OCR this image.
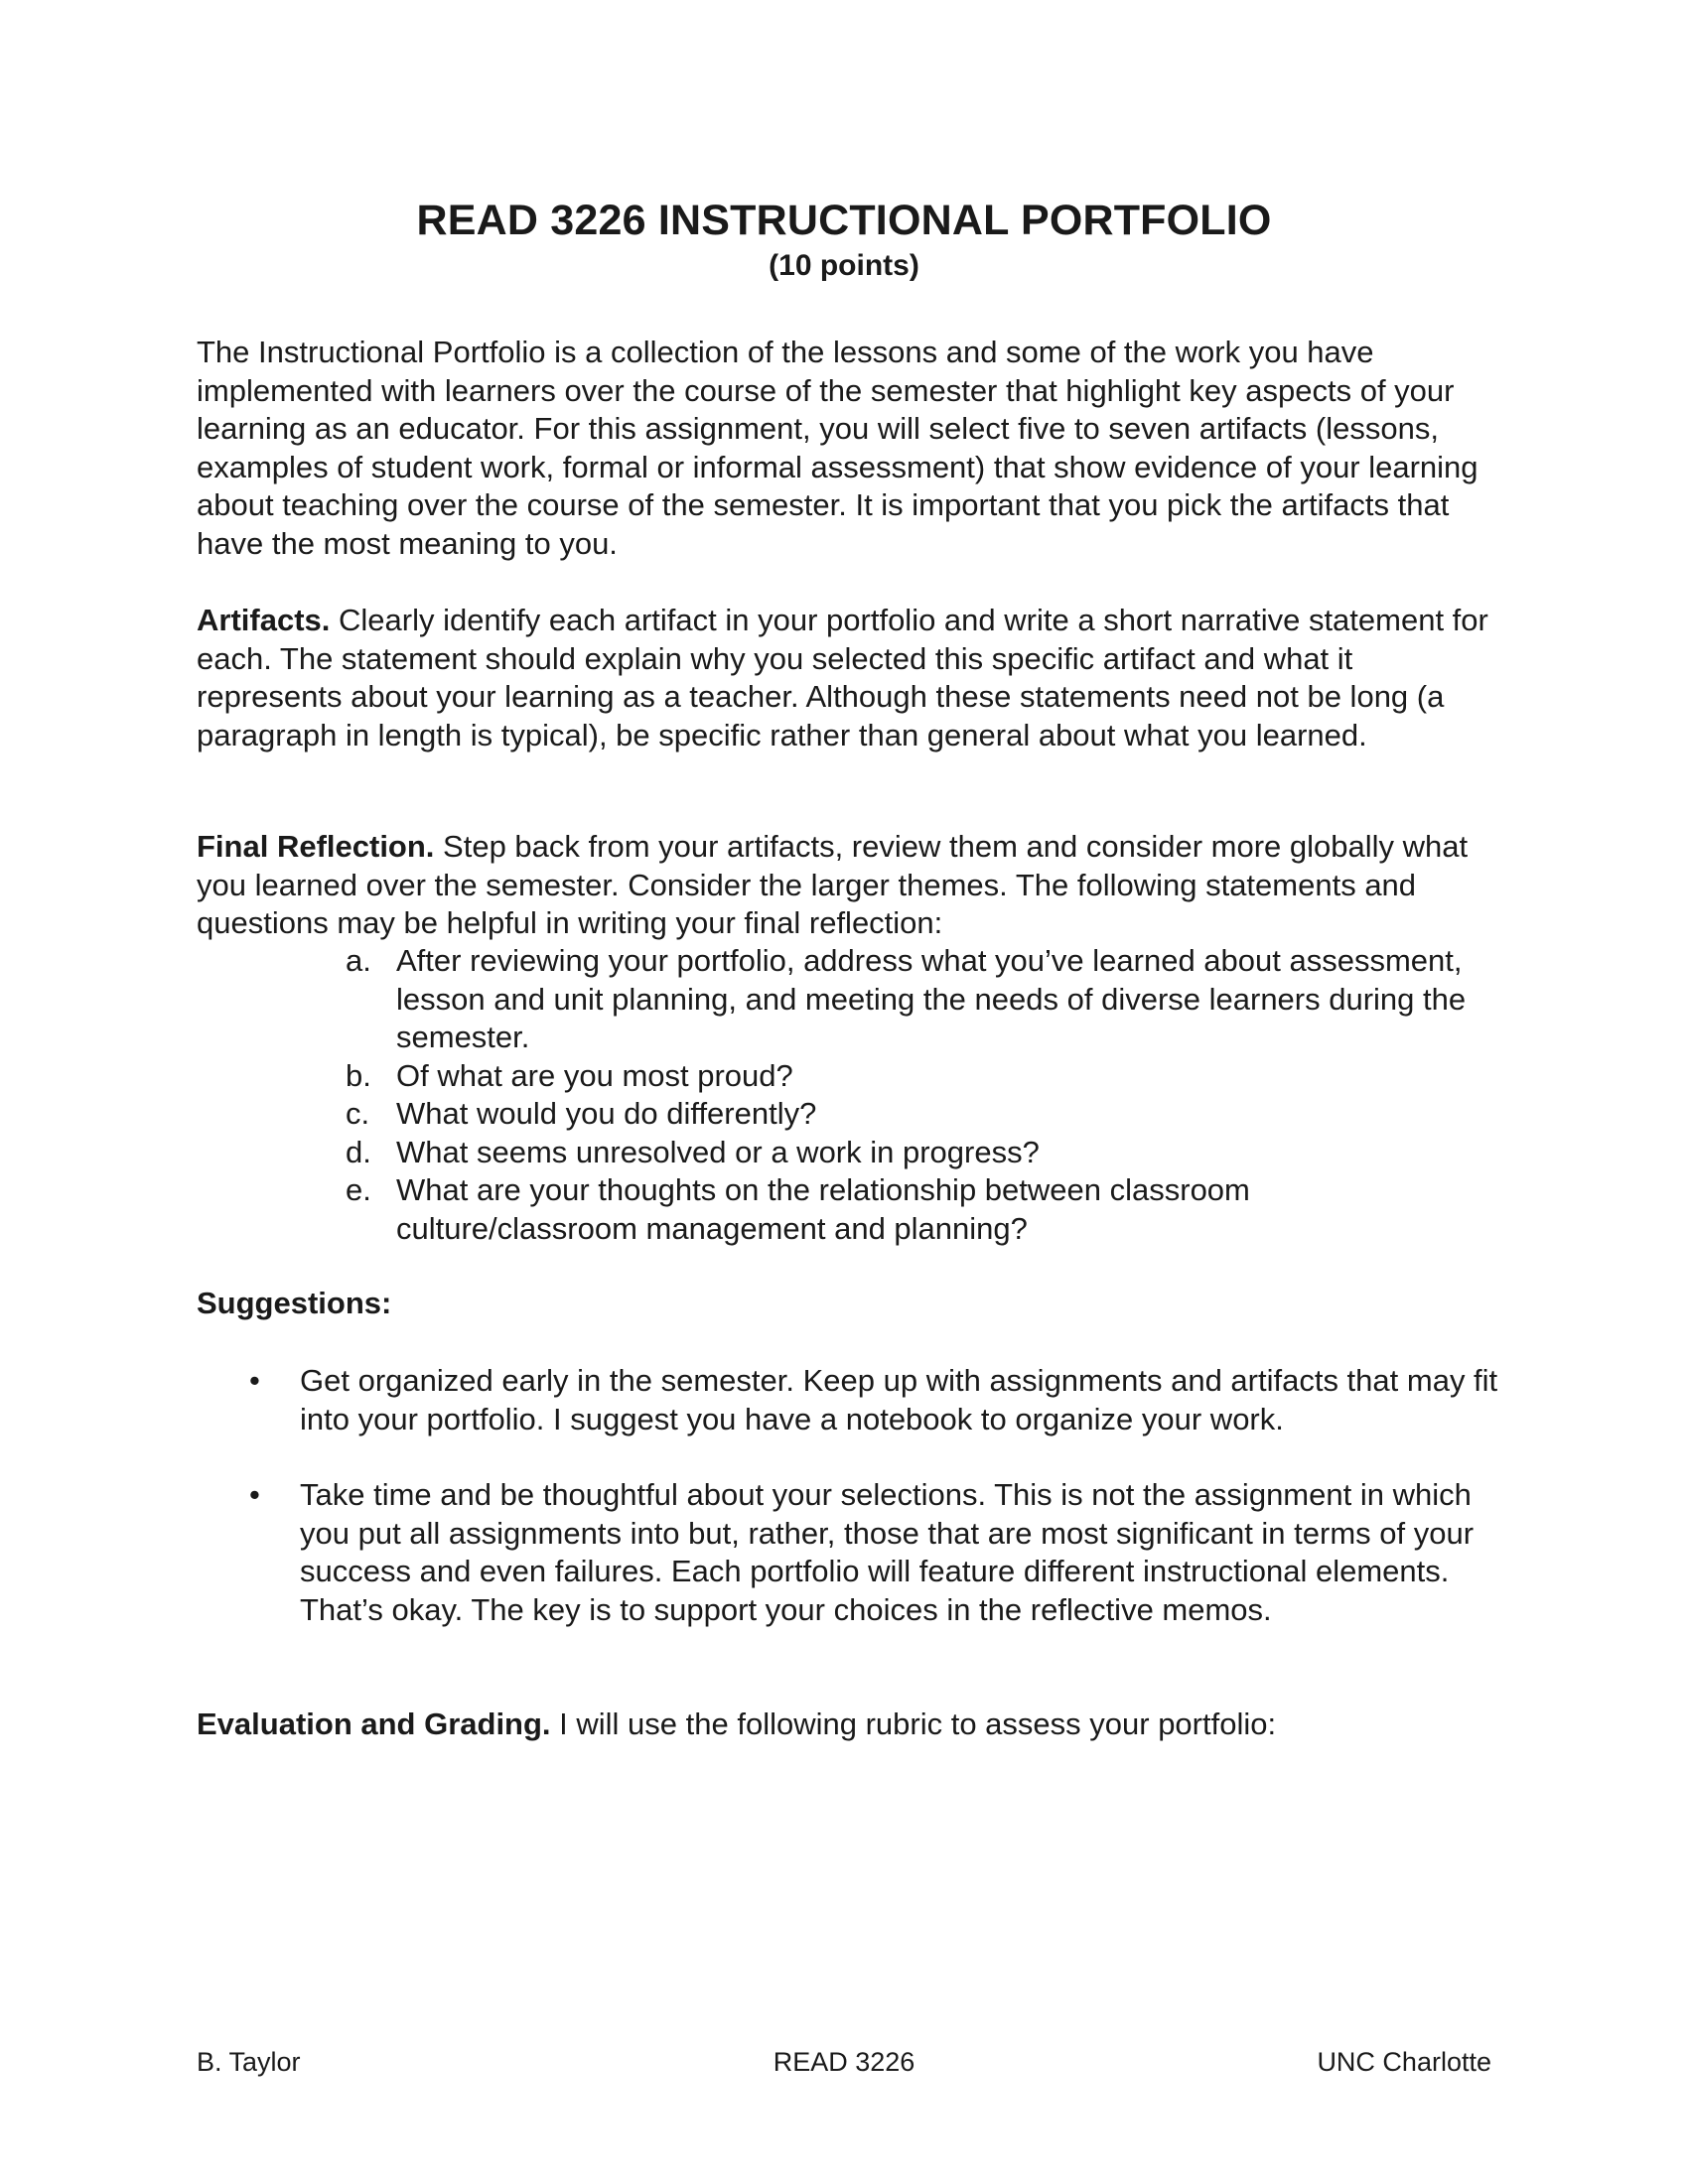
READ 3226 INSTRUCTIONAL PORTFOLIO
(10 points)

The Instructional Portfolio is a collection of the lessons and some of the work you have implemented with learners over the course of the semester that highlight key aspects of your learning as an educator. For this assignment, you will select five to seven artifacts (lessons, examples of student work, formal or informal assessment) that show evidence of your learning about teaching over the course of the semester. It is important that you pick the artifacts that have the most meaning to you.

Artifacts. Clearly identify each artifact in your portfolio and write a short narrative statement for each. The statement should explain why you selected this specific artifact and what it represents about your learning as a teacher. Although these statements need not be long (a paragraph in length is typical), be specific rather than general about what you learned.

Final Reflection. Step back from your artifacts, review them and consider more globally what you learned over the semester. Consider the larger themes. The following statements and questions may be helpful in writing your final reflection:

a. After reviewing your portfolio, address what you’ve learned about assessment, lesson and unit planning, and meeting the needs of diverse learners during the semester.
b. Of what are you most proud?
c. What would you do differently?
d. What seems unresolved or a work in progress?
e. What are your thoughts on the relationship between classroom culture/classroom management and planning?
Suggestions:
• Get organized early in the semester. Keep up with assignments and artifacts that may fit into your portfolio. I suggest you have a notebook to organize your work.
• Take time and be thoughtful about your selections. This is not the assignment in which you put all assignments into but, rather, those that are most significant in terms of your success and even failures. Each portfolio will feature different instructional elements. That’s okay. The key is to support your choices in the reflective memos.

Evaluation and Grading. I will use the following rubric to assess your portfolio:

B. Taylor	READ 3226	UNC Charlotte
